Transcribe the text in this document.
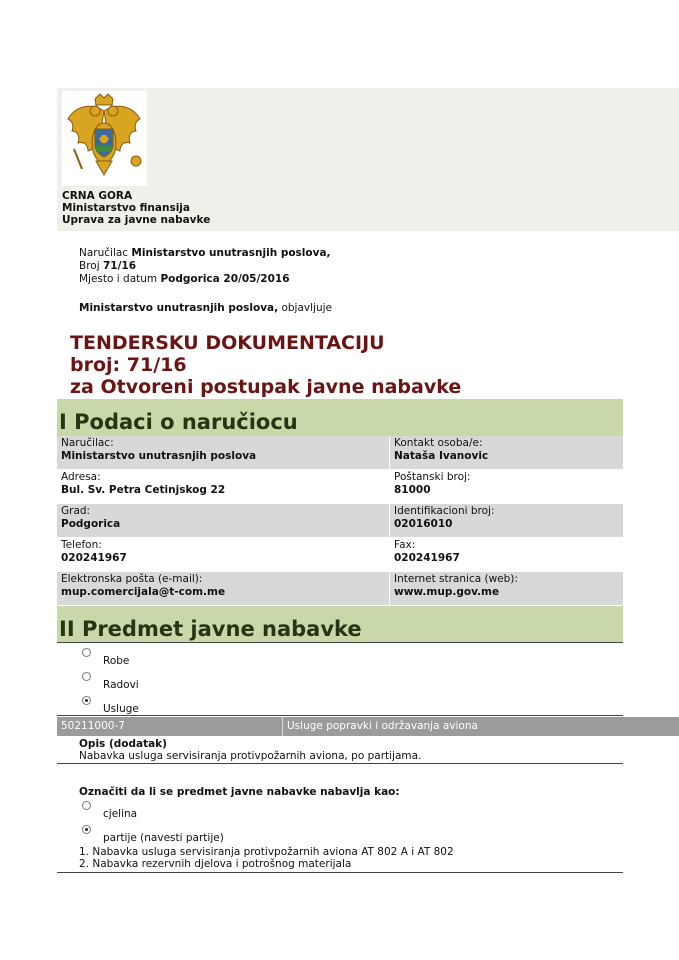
CRNA GORA
Ministarstvo finansija
Uprava za javne nabavke
Naručilac Ministarstvo unutrasnjih poslova,
Broj 71/16
Mjesto i datum Podgorica 20/05/2016
Ministarstvo unutrasnjih poslova, objavljuje
TENDERSKU DOKUMENTACIJU
broj: 71/16
za Otvoreni postupak javne nabavke
I Podaci o naručiocu
Naručilac:
Ministarstvo unutrasnjih poslova
Kontakt osoba/e:
Nataša Ivanovic
Adresa:
Bul. Sv. Petra Cetinjskog 22
Poštanski broj:
81000
Grad:
Podgorica
Identifikacioni broj:
02016010
Telefon:
020241967
Fax:
020241967
Elektronska pošta (e-mail):
mup.comercijala@t-com.me
Internet stranica (web):
www.mup.gov.me
II Predmet javne nabavke
Robe
Radovi
Usluge
50211000-7	Usluge popravki i održavanja aviona
Opis (dodatak)
Nabavka usluga servisiranja protivpožarnih aviona, po partijama.
Označiti da li se predmet javne nabavke nabavlja kao:
cjelina
partije (navesti partije)
1. Nabavka usluga servisiranja protivpožarnih aviona AT 802 A i AT 802
2. Nabavka rezervnih djelova i potrošnog materijala
